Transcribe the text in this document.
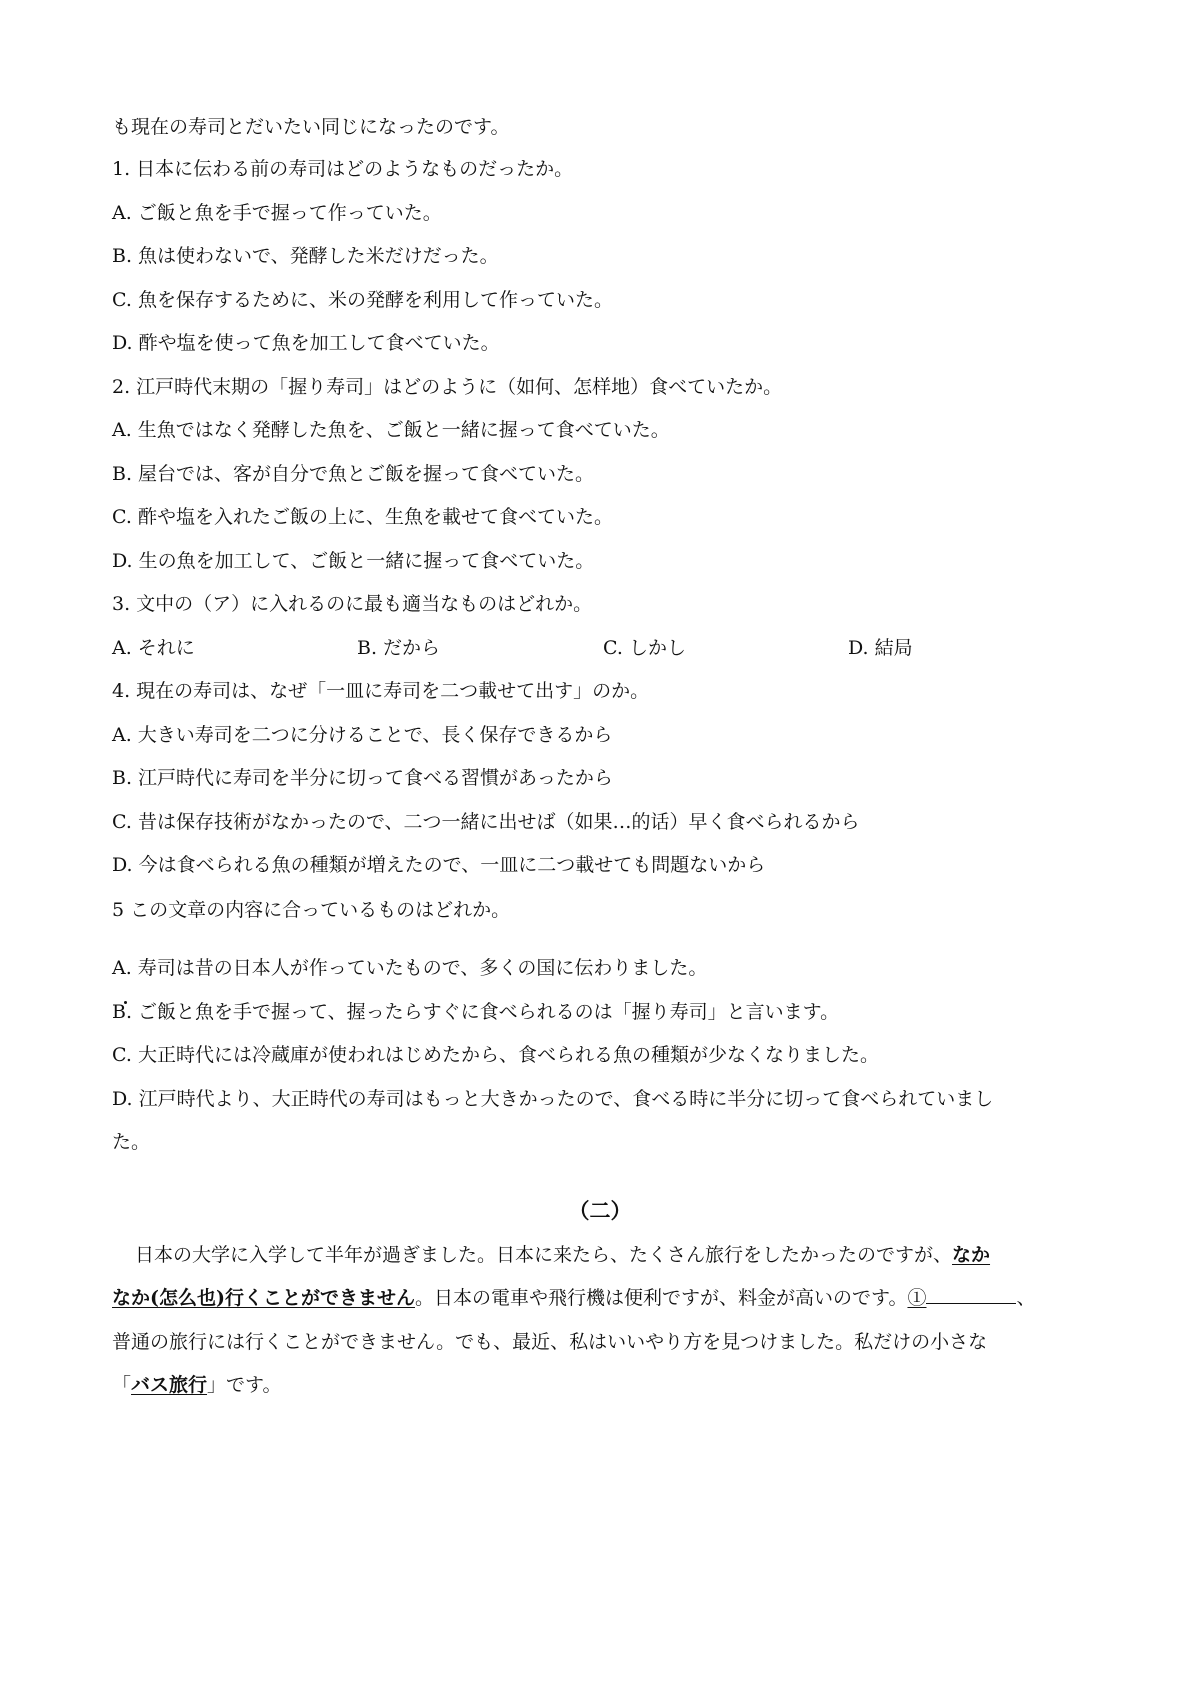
も現在の寿司とだいたい同じになったのです。
1. 日本に伝わる前の寿司はどのようなものだったか。
A. ご飯と魚を手で握って作っていた。
B. 魚は使わないで、発酵した米だけだった。
C. 魚を保存するために、米の発酵を利用して作っていた。
D. 酢や塩を使って魚を加工して食べていた。
2. 江戸時代末期の「握り寿司」はどのように（如何、怎样地）食べていたか。
A. 生魚ではなく発酵した魚を、ご飯と一緒に握って食べていた。
B. 屋台では、客が自分で魚とご飯を握って食べていた。
C. 酢や塩を入れたご飯の上に、生魚を載せて食べていた。
D. 生の魚を加工して、ご飯と一緒に握って食べていた。
3. 文中の（ア）に入れるのに最も適当なものはどれか。
A. それに	B. だから	C. しかし	D. 結局
4. 現在の寿司は、なぜ「一皿に寿司を二つ載せて出す」のか。
A. 大きい寿司を二つに分けることで、長く保存できるから
B. 江戸時代に寿司を半分に切って食べる習慣があったから
C. 昔は保存技術がなかったので、二つ一緒に出せば（如果…的话）早く食べられるから
D. 今は食べられる魚の種類が増えたので、一皿に二つ載せても問題ないから
5 この文章の内容に合っているものはどれか。
A. 寿司は昔の日本人が作っていたもので、多くの国に伝わりました。
B. ご飯と魚を手で握って、握ったらすぐに食べられるのは「握り寿司」と言います。
C. 大正時代には冷蔵庫が使われはじめたから、食べられる魚の種類が少なくなりました。
D. 江戸時代より、大正時代の寿司はもっと大きかったので、食べる時に半分に切って食べられていまし
た。
（二）
日本の大学に入学して半年が過ぎました。日本に来たら、たくさん旅行をしたかったのですが、なか
なか(怎么也)行くことができません。日本の電車や飛行機は便利ですが、料金が高いのです。①	、
普通の旅行には行くことができません。でも、最近、私はいいやり方を見つけました。私だけの小さな
「バス旅行」です。
